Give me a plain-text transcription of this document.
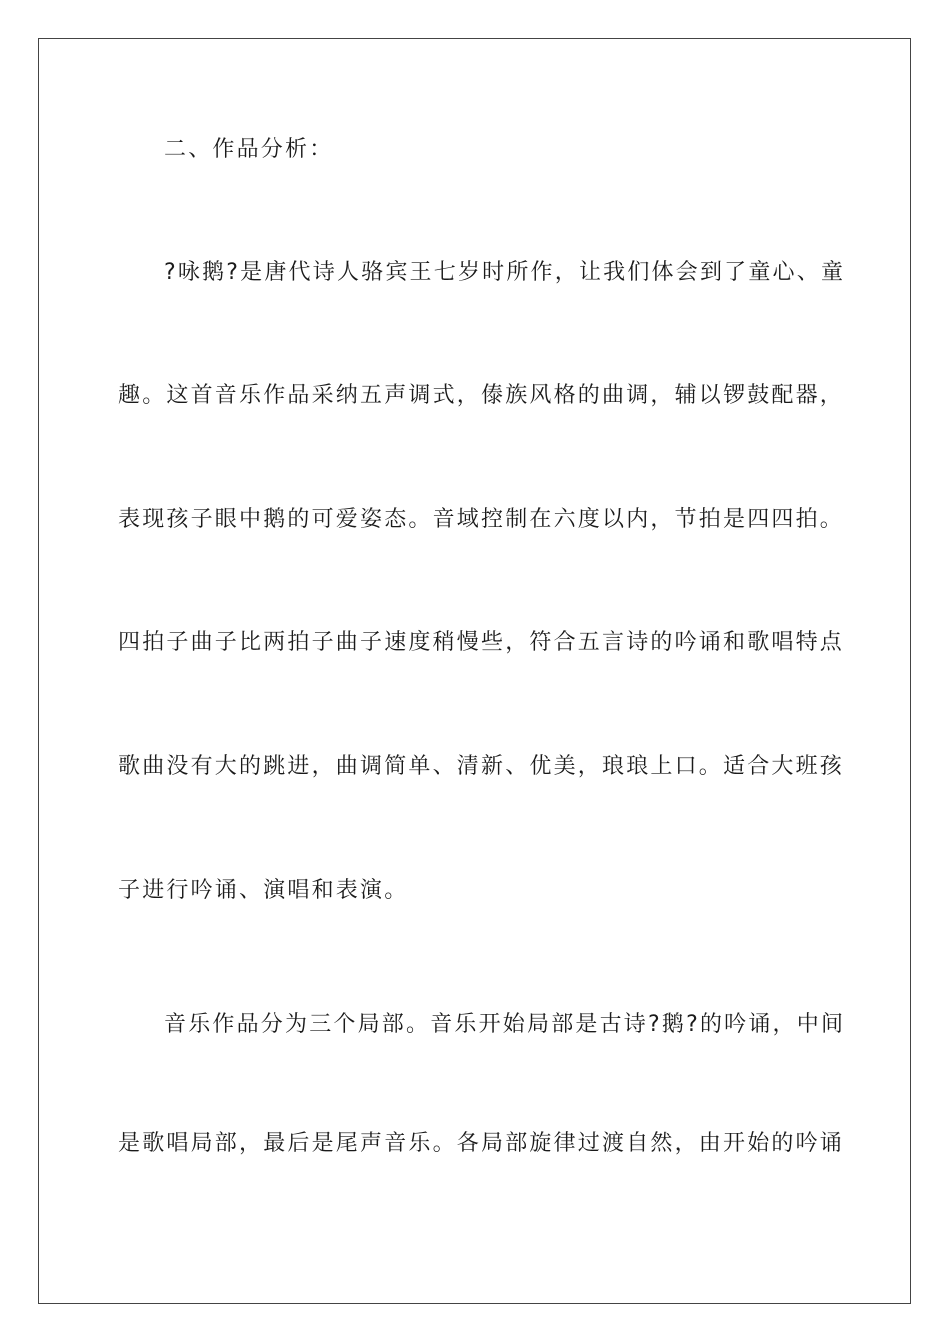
二、作品分析：
?咏鹅?是唐代诗人骆宾王七岁时所作，让我们体会到了童心、童
趣。这首音乐作品采纳五声调式，傣族风格的曲调，辅以锣鼓配器，
表现孩子眼中鹅的可爱姿态。音域控制在六度以内，节拍是四四拍。
四拍子曲子比两拍子曲子速度稍慢些，符合五言诗的吟诵和歌唱特点
歌曲没有大的跳进，曲调简单、清新、优美，琅琅上口。适合大班孩
子进行吟诵、演唱和表演。
音乐作品分为三个局部。音乐开始局部是古诗?鹅?的吟诵，中间
是歌唱局部，最后是尾声音乐。各局部旋律过渡自然，由开始的吟诵
